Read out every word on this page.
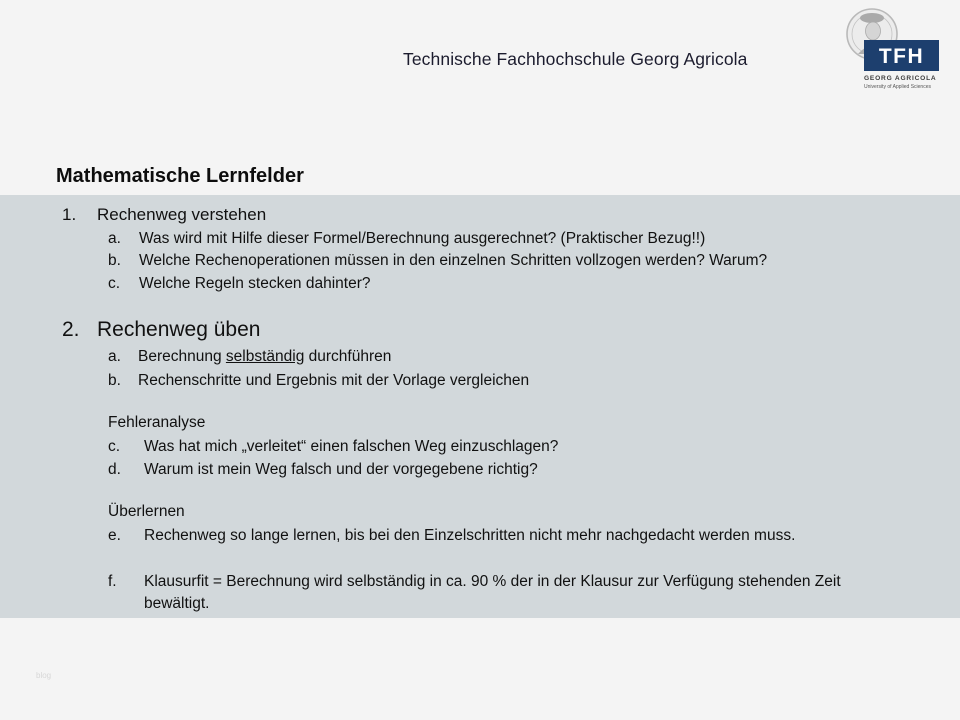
Technische Fachhochschule Georg Agricola	TFH
GEORG AGRICOLA
University of Applied Sciences
Mathematische Lernfelder
1.	Rechenweg verstehen
a.	Was wird mit Hilfe dieser Formel/Berechnung ausgerechnet? (Praktischer Bezug!!)
b.	Welche Rechenoperationen müssen in den einzelnen Schritten vollzogen werden? Warum?
c.	Welche Regeln stecken dahinter?
2. Rechenweg üben
a.	Berechnung selbständig durchführen
b.	Rechenschritte und Ergebnis mit der Vorlage vergleichen
Fehleranalyse
c.	Was hat mich „verleitet“ einen falschen Weg einzuschlagen?
d.	Warum ist mein Weg falsch und der vorgegebene richtig?
Überlernen
e.	Rechenweg so lange lernen, bis bei den Einzelschritten nicht mehr nachgedacht werden muss.
f.	Klausurfit = Berechnung wird selbständig in ca. 90 % der in der Klausur zur Verfügung stehenden Zeit bewältigt.
blog
